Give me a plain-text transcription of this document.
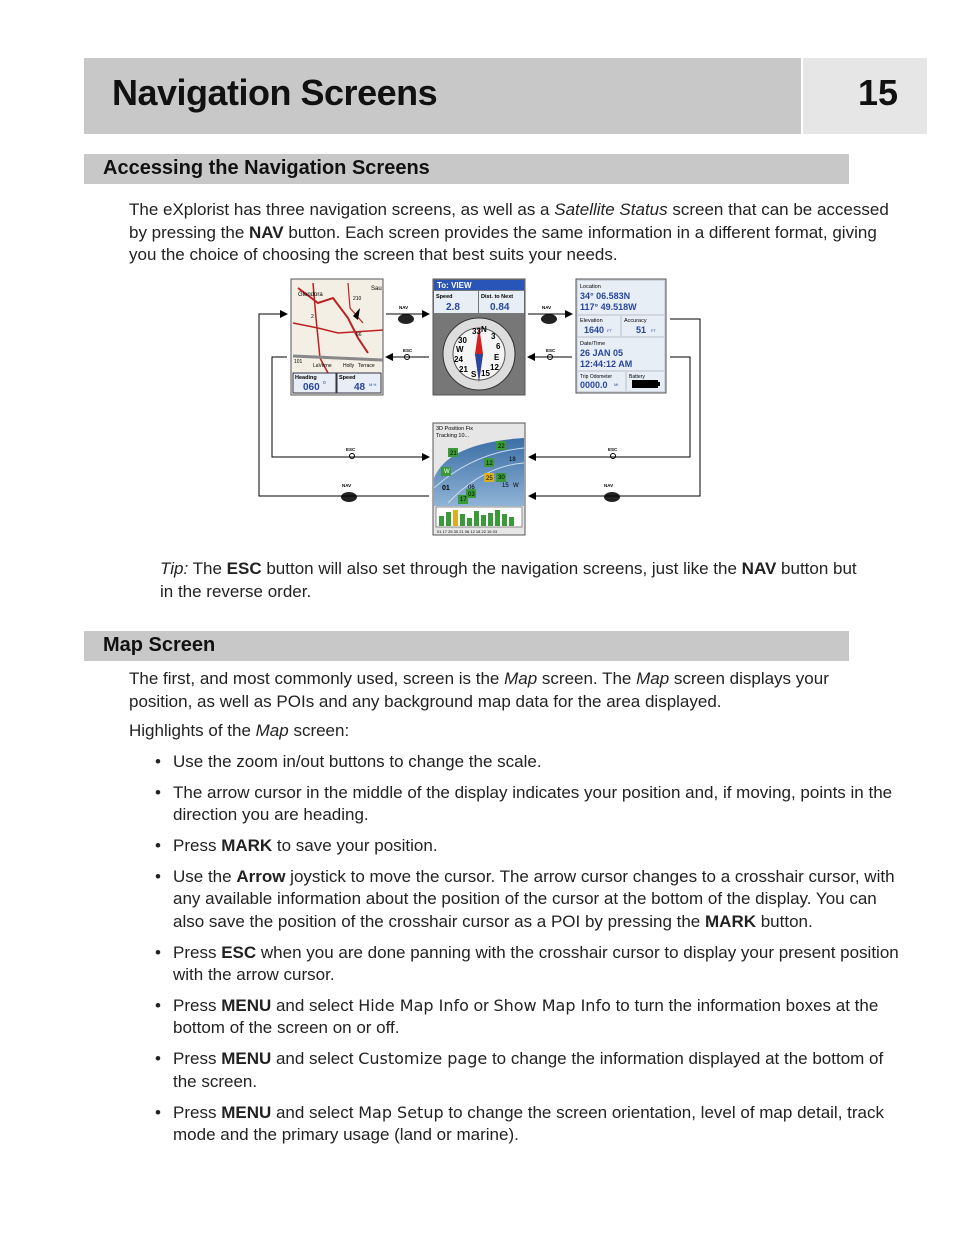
Navigation Screens	15
Accessing the Navigation Screens

The eXplorist has three navigation screens, as well as a Satellite Status screen that can be accessed by pressing the NAV button. Each screen provides the same information in a different format, giving you the choice of choosing the screen that best suits your needs.

Glendora
Sau
210
2
66
101
LaVerne Holly Terrace
Heading	Speed
060 o	48 M H
To: VIEW
Speed	Dist. to Next
2.8	0.84
33 N
3
30
6
W
E
24
12
21
S 15
Location
34° 06.583N
117° 49.518W
Elevation	Accuracy
1640 FT	51 FT
Date/Time
26 JAN 05
12:44:12 AM
Trip Odometer	Battery
0000.0 MI
3D Position Fix
Tracking 10...
21
22
W
18
12
01
30
06	15 W
17
03
25
01 17 25 30 21 06 12 18 22 15 03
NAV
ESC
NAV
ESC
ESC	ESC
NAV	NAV

Tip: The ESC button will also set through the navigation screens, just like the NAV button but in the reverse order.

Map Screen

The first, and most commonly used, screen is the Map screen. The Map screen displays your position, as well as POIs and any background map data for the area displayed.

Highlights of the Map screen:

• Use the zoom in/out buttons to change the scale.
• The arrow cursor in the middle of the display indicates your position and, if moving, points in the direction you are heading.
• Press MARK to save your position.
• Use the Arrow joystick to move the cursor. The arrow cursor changes to a crosshair cursor, with any available information about the position of the cursor at the bottom of the display. You can also save the position of the crosshair cursor as a POI by pressing the MARK button.
• Press ESC when you are done panning with the crosshair cursor to display your present position with the arrow cursor.
• Press MENU and select Hide Map Info or Show Map Info to turn the information boxes at the bottom of the screen on or off.
• Press MENU and select Customize page to change the information displayed at the bottom of the screen.
• Press MENU and select Map Setup to change the screen orientation, level of map detail, track mode and the primary usage (land or marine).
